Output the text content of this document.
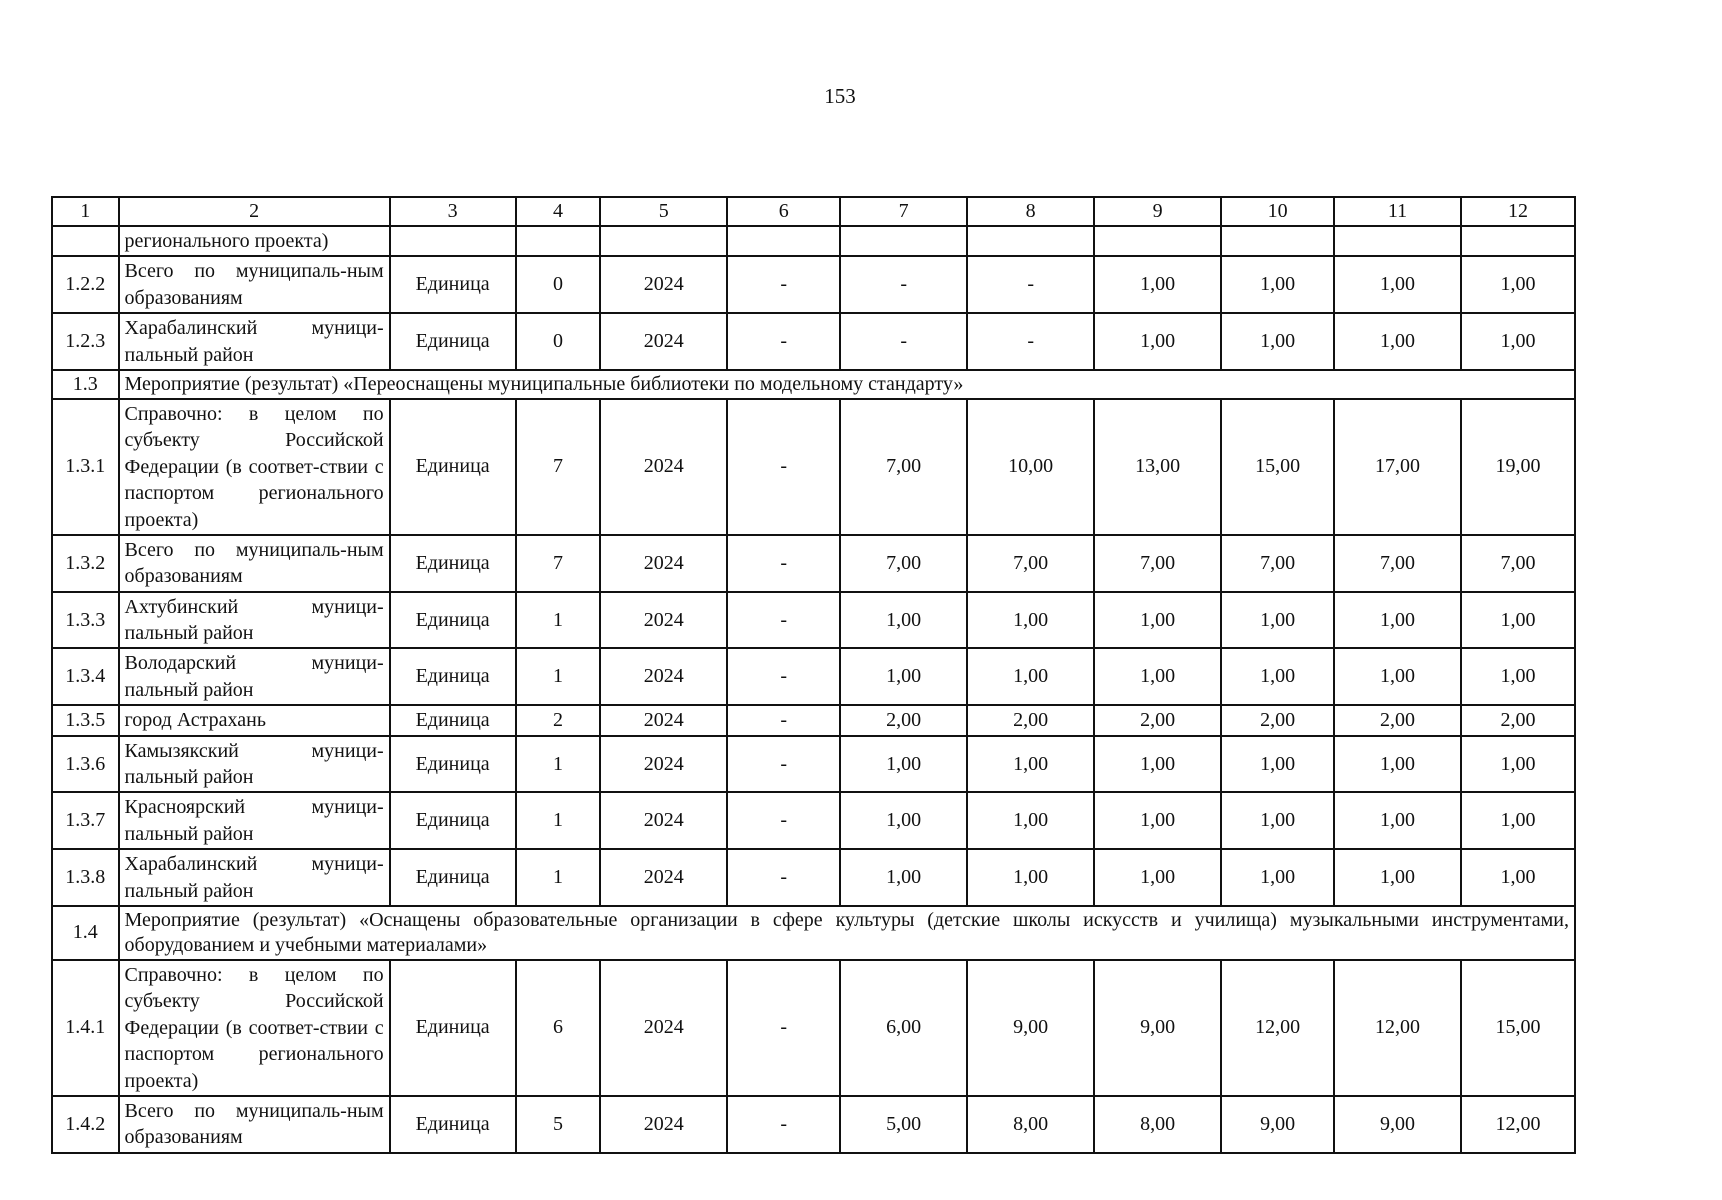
153
1	2	3	4	5	6	7	8	9	10	11	12
	регионального проекта)										
1.2.2	Всего по муниципаль-ным образованиям	Единица	0	2024	-	-	-	1,00	1,00	1,00	1,00
1.2.3	Харабалинский муници-пальный район	Единица	0	2024	-	-	-	1,00	1,00	1,00	1,00
1.3	Мероприятие (результат) «Переоснащены муниципальные библиотеки по модельному стандарту»										
1.3.1	Справочно: в целом по субъекту Российской Федерации (в соответ-ствии с паспортом регионального проекта)	Единица	7	2024	-	7,00	10,00	13,00	15,00	17,00	19,00
1.3.2	Всего по муниципаль-ным образованиям	Единица	7	2024	-	7,00	7,00	7,00	7,00	7,00	7,00
1.3.3	Ахтубинский муници-пальный район	Единица	1	2024	-	1,00	1,00	1,00	1,00	1,00	1,00
1.3.4	Володарский муници-пальный район	Единица	1	2024	-	1,00	1,00	1,00	1,00	1,00	1,00
1.3.5	город Астрахань	Единица	2	2024	-	2,00	2,00	2,00	2,00	2,00	2,00
1.3.6	Камызякский муници-пальный район	Единица	1	2024	-	1,00	1,00	1,00	1,00	1,00	1,00
1.3.7	Красноярский муници-пальный район	Единица	1	2024	-	1,00	1,00	1,00	1,00	1,00	1,00
1.3.8	Харабалинский муници-пальный район	Единица	1	2024	-	1,00	1,00	1,00	1,00	1,00	1,00
1.4	Мероприятие (результат) «Оснащены образовательные организации в сфере культуры (детские школы искусств и училища) музыкальными инструментами, оборудованием и учебными материалами»										
1.4.1	Справочно: в целом по субъекту Российской Федерации (в соответ-ствии с паспортом регионального проекта)	Единица	6	2024	-	6,00	9,00	9,00	12,00	12,00	15,00
1.4.2	Всего по муниципаль-ным образованиям	Единица	5	2024	-	5,00	8,00	8,00	9,00	9,00	12,00
